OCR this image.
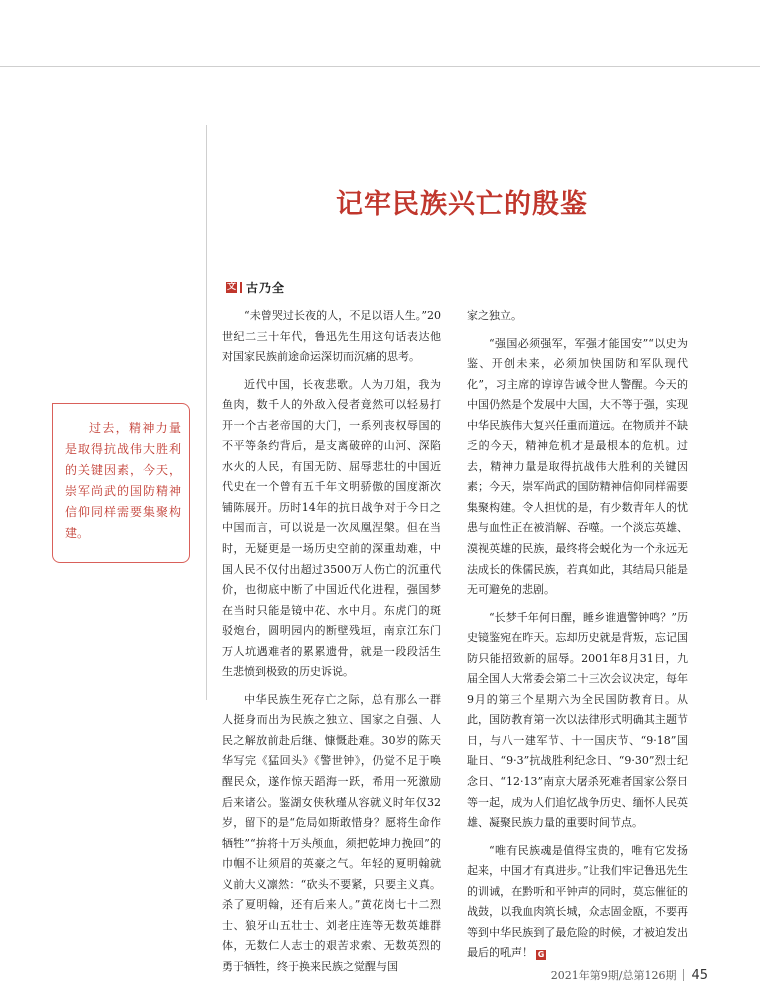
记牢民族兴亡的殷鉴
文 古乃全
过去，精神力量是取得抗战伟大胜利的关键因素，今天，崇军尚武的国防精神信仰同样需要集聚构建。

“未曾哭过长夜的人，不足以语人生。”20世纪二三十年代，鲁迅先生用这句话表达他对国家民族前途命运深切而沉痛的思考。

近代中国，长夜悲歌。人为刀俎，我为鱼肉，数千人的外敌入侵者竟然可以轻易打开一个古老帝国的大门，一系列丧权辱国的不平等条约背后，是支离破碎的山河、深陷水火的人民，有国无防、屈辱悲壮的中国近代史在一个曾有五千年文明骄傲的国度渐次铺陈展开。历时14年的抗日战争对于今日之中国而言，可以说是一次凤凰涅槃。但在当时，无疑更是一场历史空前的深重劫难，中国人民不仅付出超过3500万人伤亡的沉重代价，也彻底中断了中国近代化进程，强国梦在当时只能是镜中花、水中月。东虎门的斑驳炮台，圆明园内的断壁残垣，南京江东门万人坑遇难者的累累遗骨，就是一段段活生生悲愤到极致的历史诉说。

中华民族生死存亡之际，总有那么一群人挺身而出为民族之独立、国家之自强、人民之解放前赴后继、慷慨赴难。30岁的陈天华写完《猛回头》《警世钟》，仍觉不足于唤醒民众，遂作惊天蹈海一跃，希用一死激励后来诸公。鉴湖女侠秋瑾从容就义时年仅32岁，留下的是“危局如斯敢惜身？愿将生命作牺牲”“拚将十万头颅血，须把乾坤力挽回”的巾帼不让须眉的英豪之气。年轻的夏明翰就义前大义凛然：“砍头不要紧，只要主义真。杀了夏明翰，还有后来人。”黄花岗七十二烈士、狼牙山五壮士、刘老庄连等无数英雄群体，无数仁人志士的艰苦求索、无数英烈的勇于牺牲，终于换来民族之觉醒与国

家之独立。

“强国必须强军，军强才能国安”“以史为鉴、开创未来，必须加快国防和军队现代化”，习主席的谆谆告诫令世人警醒。今天的中国仍然是个发展中大国，大不等于强，实现中华民族伟大复兴任重而道远。在物质并不缺乏的今天，精神危机才是最根本的危机。过去，精神力量是取得抗战伟大胜利的关键因素；今天，崇军尚武的国防精神信仰同样需要集聚构建。令人担忧的是，有少数青年人的忧患与血性正在被消解、吞噬。一个淡忘英雄、漠视英雄的民族，最终将会蜕化为一个永远无法成长的侏儒民族，若真如此，其结局只能是无可避免的悲剧。

“长梦千年何日醒，睡乡谁遣警钟鸣？”历史镜鉴宛在昨天。忘却历史就是背叛，忘记国防只能招致新的屈辱。2001年8月31日，九届全国人大常委会第二十三次会议决定，每年9月的第三个星期六为全民国防教育日。从此，国防教育第一次以法律形式明确其主题节日，与八一建军节、十一国庆节、“9·18”国耻日、“9·3”抗战胜利纪念日、“9·30”烈士纪念日、“12·13”南京大屠杀死难者国家公祭日等一起，成为人们追忆战争历史、缅怀人民英雄、凝聚民族力量的重要时间节点。

“唯有民族魂是值得宝贵的，唯有它发扬起来，中国才有真进步。”让我们牢记鲁迅先生的训诫，在黔听和平钟声的同时，莫忘催征的战鼓，以我血肉筑长城，众志固金瓯，不要再等到中华民族到了最危险的时候，才被迫发出最后的吼声！ G

2021年第9期/总第126期 45
